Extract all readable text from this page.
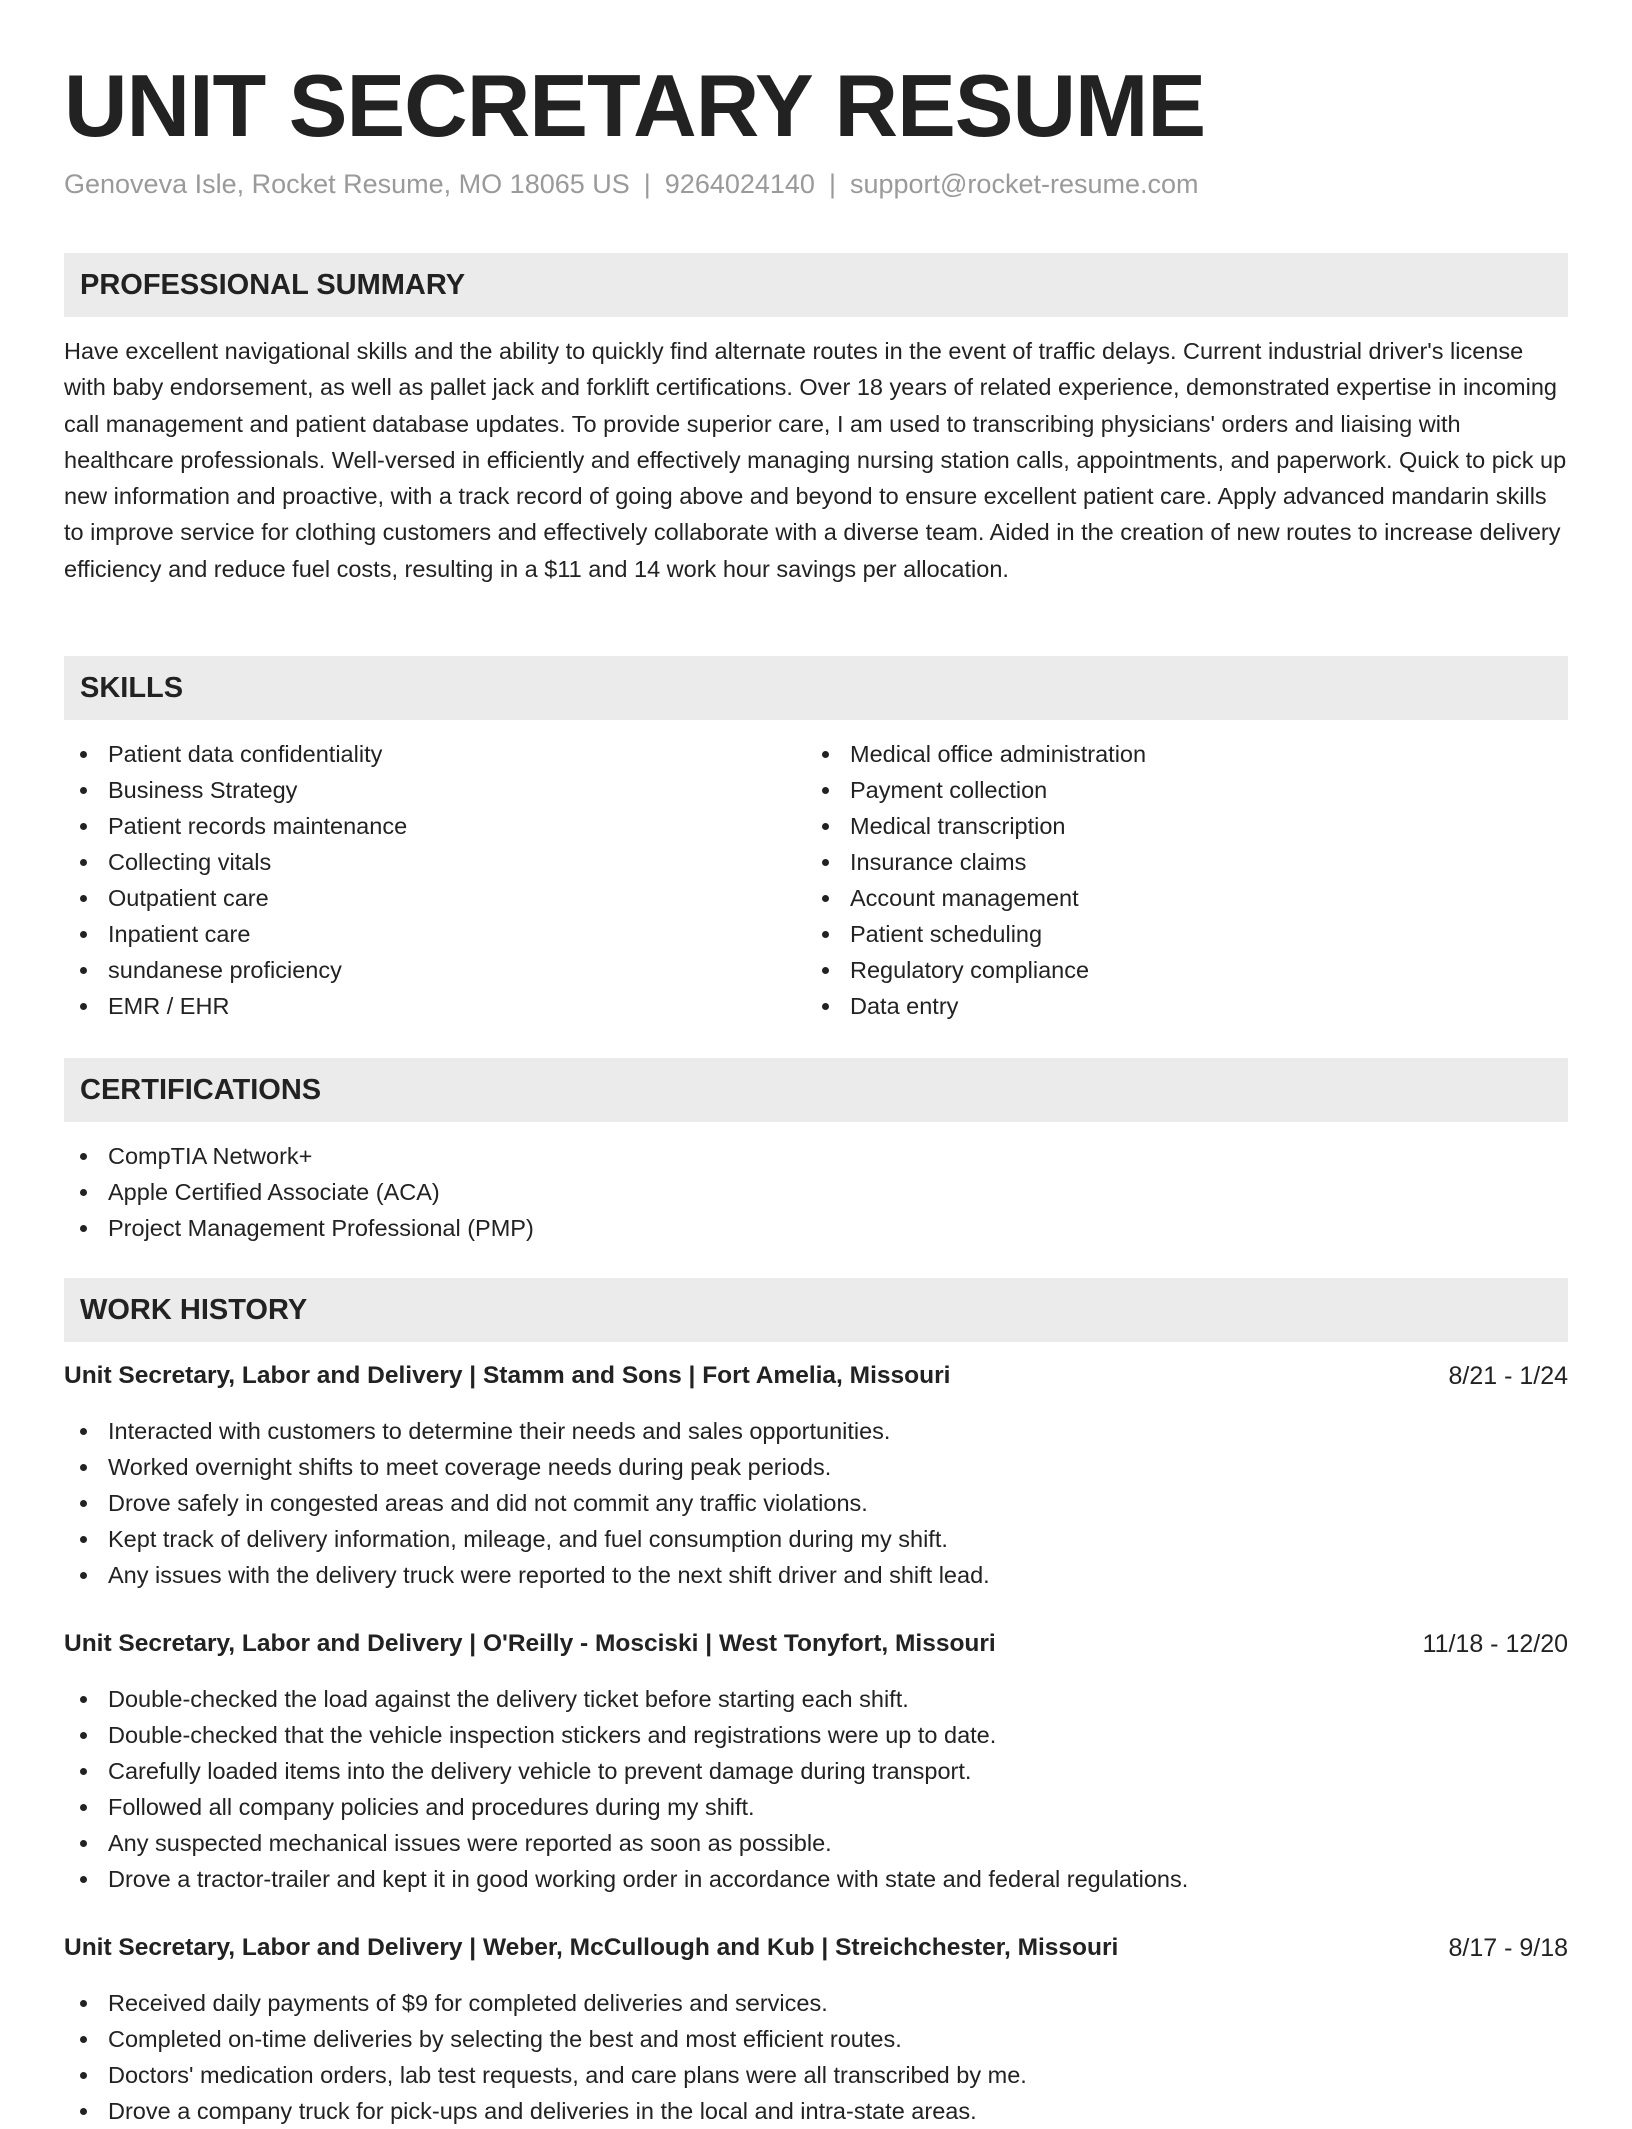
UNIT SECRETARY RESUME
Genoveva Isle, Rocket Resume, MO 18065 US | 9264024140 | support@rocket-resume.com
PROFESSIONAL SUMMARY

Have excellent navigational skills and the ability to quickly find alternate routes in the event of traffic delays. Current industrial driver's license with baby endorsement, as well as pallet jack and forklift certifications. Over 18 years of related experience, demonstrated expertise in incoming call management and patient database updates. To provide superior care, I am used to transcribing physicians' orders and liaising with healthcare professionals. Well-versed in efficiently and effectively managing nursing station calls, appointments, and paperwork. Quick to pick up new information and proactive, with a track record of going above and beyond to ensure excellent patient care. Apply advanced mandarin skills to improve service for clothing customers and effectively collaborate with a diverse team. Aided in the creation of new routes to increase delivery efficiency and reduce fuel costs, resulting in a $11 and 14 work hour savings per allocation.

SKILLS
Patient data confidentiality
Business Strategy
Patient records maintenance
Collecting vitals
Outpatient care
Inpatient care
sundanese proficiency
EMR / EHR
Medical office administration
Payment collection
Medical transcription
Insurance claims
Account management
Patient scheduling
Regulatory compliance
Data entry
CERTIFICATIONS
CompTIA Network+
Apple Certified Associate (ACA)
Project Management Professional (PMP)
WORK HISTORY
Unit Secretary, Labor and Delivery | Stamm and Sons | Fort Amelia, Missouri	8/21 - 1/24
Interacted with customers to determine their needs and sales opportunities.
Worked overnight shifts to meet coverage needs during peak periods.
Drove safely in congested areas and did not commit any traffic violations.
Kept track of delivery information, mileage, and fuel consumption during my shift.
Any issues with the delivery truck were reported to the next shift driver and shift lead.
Unit Secretary, Labor and Delivery | O'Reilly - Mosciski | West Tonyfort, Missouri	11/18 - 12/20
Double-checked the load against the delivery ticket before starting each shift.
Double-checked that the vehicle inspection stickers and registrations were up to date.
Carefully loaded items into the delivery vehicle to prevent damage during transport.
Followed all company policies and procedures during my shift.
Any suspected mechanical issues were reported as soon as possible.
Drove a tractor-trailer and kept it in good working order in accordance with state and federal regulations.
Unit Secretary, Labor and Delivery | Weber, McCullough and Kub | Streichchester, Missouri	8/17 - 9/18
Received daily payments of $9 for completed deliveries and services.
Completed on-time deliveries by selecting the best and most efficient routes.
Doctors' medication orders, lab test requests, and care plans were all transcribed by me.
Drove a company truck for pick-ups and deliveries in the local and intra-state areas.
